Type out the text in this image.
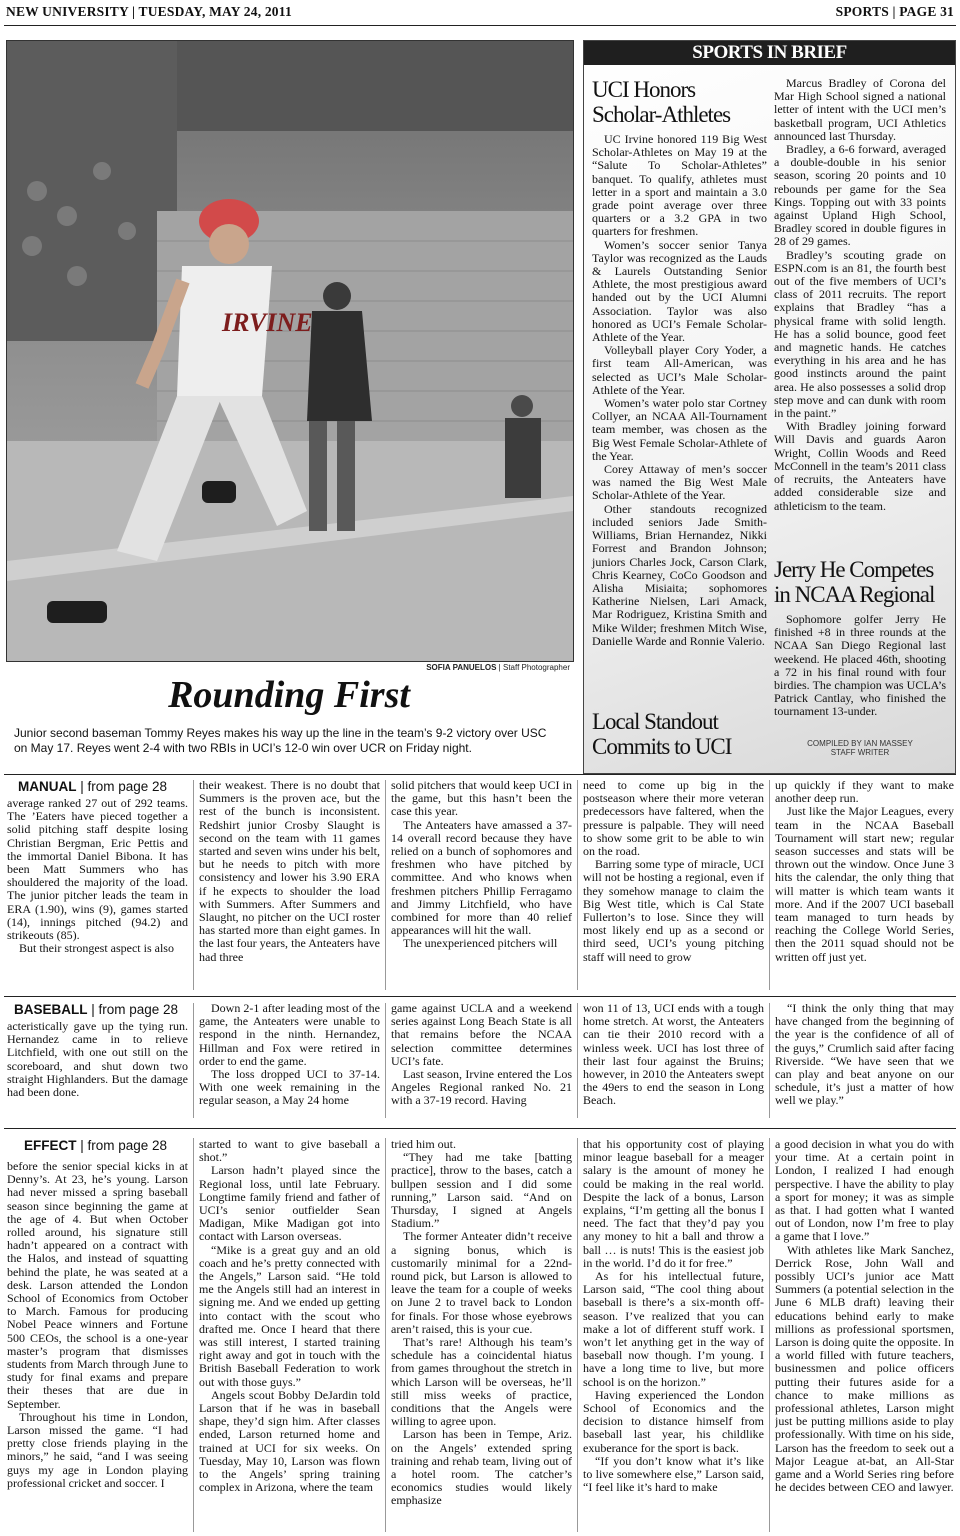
NEW UNIVERSITY | TUESDAY, MAY 24, 2011	SPORTS | PAGE 31
IRVINE
SOFIA PANUELOS | Staff Photographer
Rounding First
Junior second baseman Tommy Reyes makes his way up the line in the team’s 9-2 victory over USC on May 17. Reyes went 2-4 with two RBIs in UCI’s 12-0 win over UCR on Friday night.
SPORTS IN BRIEF
UCI Honors Scholar-Athletes

UC Irvine honored 119 Big West Scholar-Athletes on May 19 at the “Salute To Scholar-Athletes” banquet. To qualify, athletes must letter in a sport and maintain a 3.0 grade point average over three quarters or a 3.2 GPA in two quarters for freshmen.

Women’s soccer senior Tanya Taylor was recognized as the Lauds & Laurels Outstanding Senior Athlete, the most prestigious award handed out by the UCI Alumni Association. Taylor was also honored as UCI’s Female Scholar-Athlete of the Year.

Volleyball player Cory Yoder, a first team All-American, was selected as UCI’s Male Scholar-Athlete of the Year.

Women’s water polo star Cortney Collyer, an NCAA All-Tournament team member, was chosen as the Big West Female Scholar-Athlete of the Year.

Corey Attaway of men’s soccer was named the Big West Male Scholar-Athlete of the Year.

Other standouts recognized included seniors Jade Smith-Williams, Brian Hernandez, Nikki Forrest and Brandon Johnson; juniors Charles Jock, Carson Clark, Chris Kearney, CoCo Goodson and Alisha Misiaita; sophomores Katherine Nielsen, Lari Amack, Mar Rodriguez, Kristina Smith and Mike Wilder; freshmen Mitch Wise, Danielle Warde and Ronnie Valerio.

Local Standout Commits to UCI

Marcus Bradley of Corona del Mar High School signed a national letter of intent with the UCI men’s basketball program, UCI Athletics announced last Thursday.

Bradley, a 6-6 forward, averaged a double-double in his senior season, scoring 20 points and 10 rebounds per game for the Sea Kings. Topping out with 33 points against Upland High School, Bradley scored in double figures in 28 of 29 games.

Bradley’s scouting grade on ESPN.com is an 81, the fourth best out of the five members of UCI’s class of 2011 recruits. The report explains that Bradley “has a physical frame with solid length. He has a solid bounce, good feet and magnetic hands. He catches everything in his area and he has good instincts around the paint area. He also possesses a solid drop step move and can dunk with room in the paint.”

With Bradley joining forward Will Davis and guards Aaron Wright, Collin Woods and Reed McConnell in the team’s 2011 class of recruits, the Anteaters have added considerable size and athleticism to the team.

Jerry He Competes in NCAA Regional

Sophomore golfer Jerry He finished +8 in three rounds at the NCAA San Diego Regional last weekend. He placed 46th, shooting a 72 in his final round with four birdies. The champion was UCLA’s Patrick Cantlay, who finished the tournament 13-under.

COMPILED BY IAN MASSEY
STAFF WRITER
MANUAL | from page 28

average ranked 27 out of 292 teams. The ’Eaters have pieced together a solid pitching staff despite losing Christian Bergman, Eric Pettis and the immortal Daniel Bibona. It has been Matt Summers who has shouldered the majority of the load. The junior pitcher leads the team in ERA (1.90), wins (9), games started (14), innings pitched (94.2) and strikeouts (85).

But their strongest aspect is also

their weakest. There is no doubt that Summers is the proven ace, but the rest of the bunch is inconsistent. Redshirt junior Crosby Slaught is second on the team with 11 games started and seven wins under his belt, but he needs to pitch with more consistency and lower his 3.90 ERA if he expects to shoulder the load with Summers. After Summers and Slaught, no pitcher on the UCI roster has started more than eight games. In the last four years, the Anteaters have had three

solid pitchers that would keep UCI in the game, but this hasn’t been the case this year.

The Anteaters have amassed a 37-14 overall record because they have relied on a bunch of sophomores and freshmen who have pitched by committee. And who knows when freshmen pitchers Phillip Ferragamo and Jimmy Litchfield, who have combined for more than 40 relief appearances will hit the wall.

The unexperienced pitchers will

need to come up big in the postseason where their more veteran predecessors have faltered, when the pressure is palpable. They will need to show some grit to be able to win on the road.

Barring some type of miracle, UCI will not be hosting a regional, even if they somehow manage to claim the Big West title, which is Cal State Fullerton’s to lose. Since they will most likely end up as a second or third seed, UCI’s young pitching staff will need to grow

up quickly if they want to make another deep run.

Just like the Major Leagues, every team in the NCAA Baseball Tournament will start new; regular season successes and stats will be thrown out the window. Once June 3 hits the calendar, the only thing that will matter is which team wants it more. And if the 2007 UCI baseball team managed to turn heads by reaching the College World Series, then the 2011 squad should not be written off just yet.

BASEBALL | from page 28

acteristically gave up the tying run. Hernandez came in to relieve Litchfield, with one out still on the scoreboard, and shut down two straight Highlanders. But the damage had been done.

Down 2-1 after leading most of the game, the Anteaters were unable to respond in the ninth. Hernandez, Hillman and Fox were retired in order to end the game.

The loss dropped UCI to 37-14. With one week remaining in the regular season, a May 24 home

game against UCLA and a weekend series against Long Beach State is all that remains before the NCAA selection committee determines UCI’s fate.

Last season, Irvine entered the Los Angeles Regional ranked No. 21 with a 37-19 record. Having

won 11 of 13, UCI ends with a tough home stretch. At worst, the Anteaters can tie their 2010 record with a winless week. UCI has lost three of their last four against the Bruins; however, in 2010 the Anteaters swept the 49ers to end the season in Long Beach.

“I think the only thing that may have changed from the beginning of the year is the confidence of all of the guys,” Crumlich said after facing Riverside. “We have seen that we can play and beat anyone on our schedule, it’s just a matter of how well we play.”

EFFECT | from page 28

before the senior special kicks in at Denny’s. At 23, he’s young. Larson had never missed a spring baseball season since beginning the game at the age of 4. But when October rolled around, his signature still hadn’t appeared on a contract with the Halos, and instead of squatting behind the plate, he was seated at a desk. Larson attended the London School of Economics from October to March. Famous for producing Nobel Peace winners and Fortune 500 CEOs, the school is a one-year master’s program that dismisses students from March through June to study for final exams and prepare their theses that are due in September.

Throughout his time in London, Larson missed the game. “I had pretty close friends playing in the minors,” he said, “and I was seeing guys my age in London playing professional cricket and soccer. I

started to want to give baseball a shot.”

Larson hadn’t played since the Regional loss, until late February. Longtime family friend and father of UCI’s senior outfielder Sean Madigan, Mike Madigan got into contact with Larson overseas.

“Mike is a great guy and an old coach and he’s pretty connected with the Angels,” Larson said. “He told me the Angels still had an interest in signing me. And we ended up getting into contact with the scout who drafted me. Once I heard that there was still interest, I started training right away and got in touch with the British Baseball Federation to work out with those guys.”

Angels scout Bobby DeJardin told Larson that if he was in baseball shape, they’d sign him. After classes ended, Larson returned home and trained at UCI for six weeks. On Tuesday, May 10, Larson was flown to the Angels’ spring training complex in Arizona, where the team

tried him out.

“They had me take [batting practice], throw to the bases, catch a bullpen session and I did some running,” Larson said. “And on Thursday, I signed at Angels Stadium.”

The former Anteater didn’t receive a signing bonus, which is customarily minimal for a 22nd-round pick, but Larson is allowed to leave the team for a couple of weeks on June 2 to travel back to London for finals. For those whose eyebrows aren’t raised, this is your cue.

That’s rare! Although his team’s schedule has a coincidental hiatus from games throughout the stretch in which Larson will be overseas, he’ll still miss weeks of practice, conditions that the Angels were willing to agree upon.

Larson has been in Tempe, Ariz. on the Angels’ extended spring training and rehab team, living out of a hotel room. The catcher’s economics studies would likely emphasize

that his opportunity cost of playing minor league baseball for a meager salary is the amount of money he could be making in the real world. Despite the lack of a bonus, Larson explains, “I’m getting all the bonus I need. The fact that they’d pay you any money to hit a ball and throw a ball … is nuts! This is the easiest job in the world. I’d do it for free.”

As for his intellectual future, Larson said, “The cool thing about baseball is there’s a six-month off-season. I’ve realized that you can make a lot of different stuff work. I won’t let anything get in the way of baseball now though. I’m young. I have a long time to live, but more school is on the horizon.”

Having experienced the London School of Economics and the decision to distance himself from baseball last year, his childlike exuberance for the sport is back.

“If you don’t know what it’s like to live somewhere else,” Larson said, “I feel like it’s hard to make

a good decision in what you do with your time. At a certain point in London, I realized I had enough perspective. I have the ability to play a sport for money; it was as simple as that. I had gotten what I wanted out of London, now I’m free to play a game that I love.”

With athletes like Mark Sanchez, Derrick Rose, John Wall and possibly UCI’s junior ace Matt Summers (a potential selection in the June 6 MLB draft) leaving their educations behind early to make millions as professional sportsmen, Larson is doing quite the opposite. In a world filled with future teachers, businessmen and police officers putting their futures aside for a chance to make millions as professional athletes, Larson might just be putting millions aside to play professionally. With time on his side, Larson has the freedom to seek out a Major League at-bat, an All-Star game and a World Series ring before he decides between CEO and lawyer.
